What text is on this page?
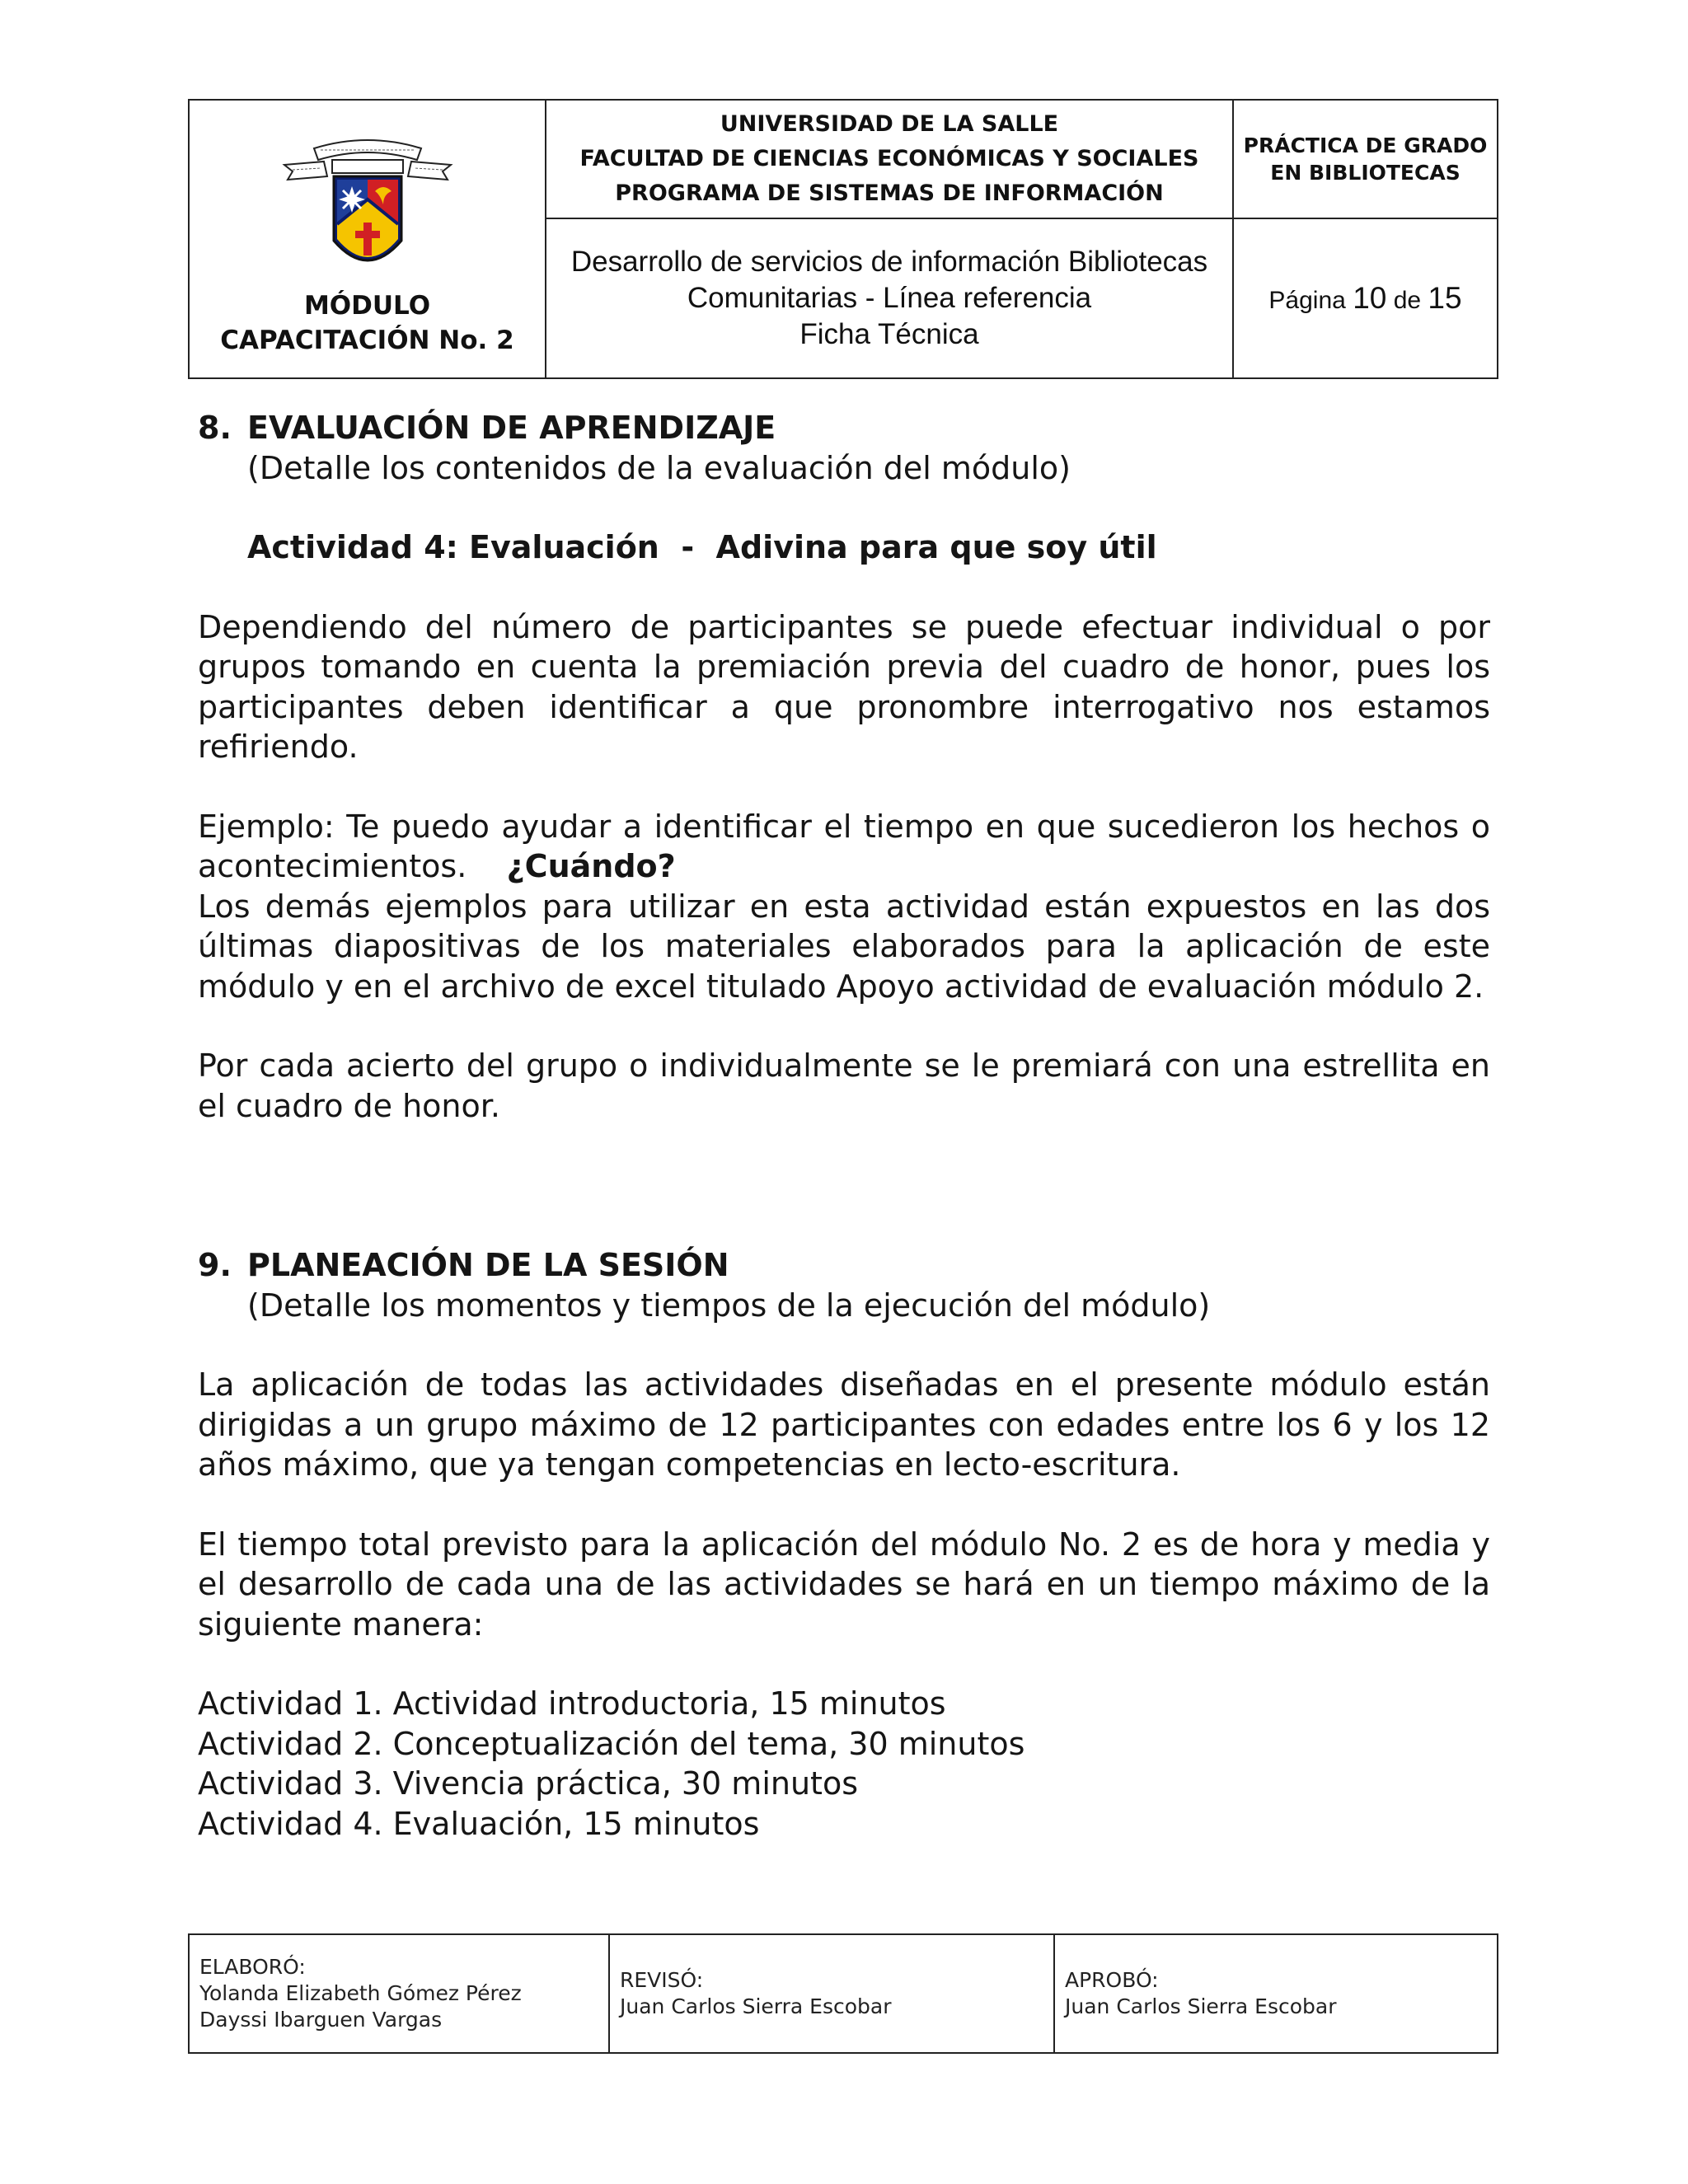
MÓDULO
CAPACITACIÓN No. 2
UNIVERSIDAD DE LA SALLE
FACULTAD DE CIENCIAS ECONÓMICAS Y SOCIALES
PROGRAMA DE SISTEMAS DE INFORMACIÓN
PRÁCTICA DE GRADO
EN BIBLIOTECAS
Desarrollo de servicios de información Bibliotecas
Comunitarias - Línea referencia
Ficha Técnica
Página 10 de 15
8. EVALUACIÓN DE APRENDIZAJE
(Detalle los contenidos de la evaluación del módulo)
Actividad 4: Evaluación  -  Adivina para que soy útil
Dependiendo del número de participantes se puede efectuar individual o por grupos tomando en cuenta la premiación previa del cuadro de honor, pues los participantes deben identificar a que pronombre interrogativo nos estamos refiriendo.
Ejemplo: Te puedo ayudar a identificar el tiempo en que sucedieron los hechos o acontecimientos. ¿Cuándo?
Los demás ejemplos para utilizar en esta actividad están expuestos en las dos últimas diapositivas de los materiales elaborados para la aplicación de este módulo y en el archivo de excel titulado Apoyo actividad de evaluación módulo 2.
Por cada acierto del grupo o individualmente se le premiará con una estrellita en el cuadro de honor.
9. PLANEACIÓN DE LA SESIÓN
(Detalle los momentos y tiempos de la ejecución del módulo)
La aplicación de todas las actividades diseñadas en el presente módulo están dirigidas a un grupo máximo de 12 participantes con edades entre los 6 y los 12 años máximo, que ya tengan competencias en lecto-escritura.
El tiempo total previsto para la aplicación del módulo No. 2 es de hora y media y el desarrollo de cada una de las actividades se hará en un tiempo máximo de la siguiente manera:
Actividad 1. Actividad introductoria, 15 minutos
Actividad 2. Conceptualización del tema, 30 minutos
Actividad 3. Vivencia práctica, 30 minutos
Actividad 4. Evaluación, 15 minutos
ELABORÓ:
Yolanda Elizabeth Gómez Pérez
Dayssi Ibarguen Vargas
REVISÓ:
Juan Carlos Sierra Escobar
APROBÓ:
Juan Carlos Sierra Escobar
